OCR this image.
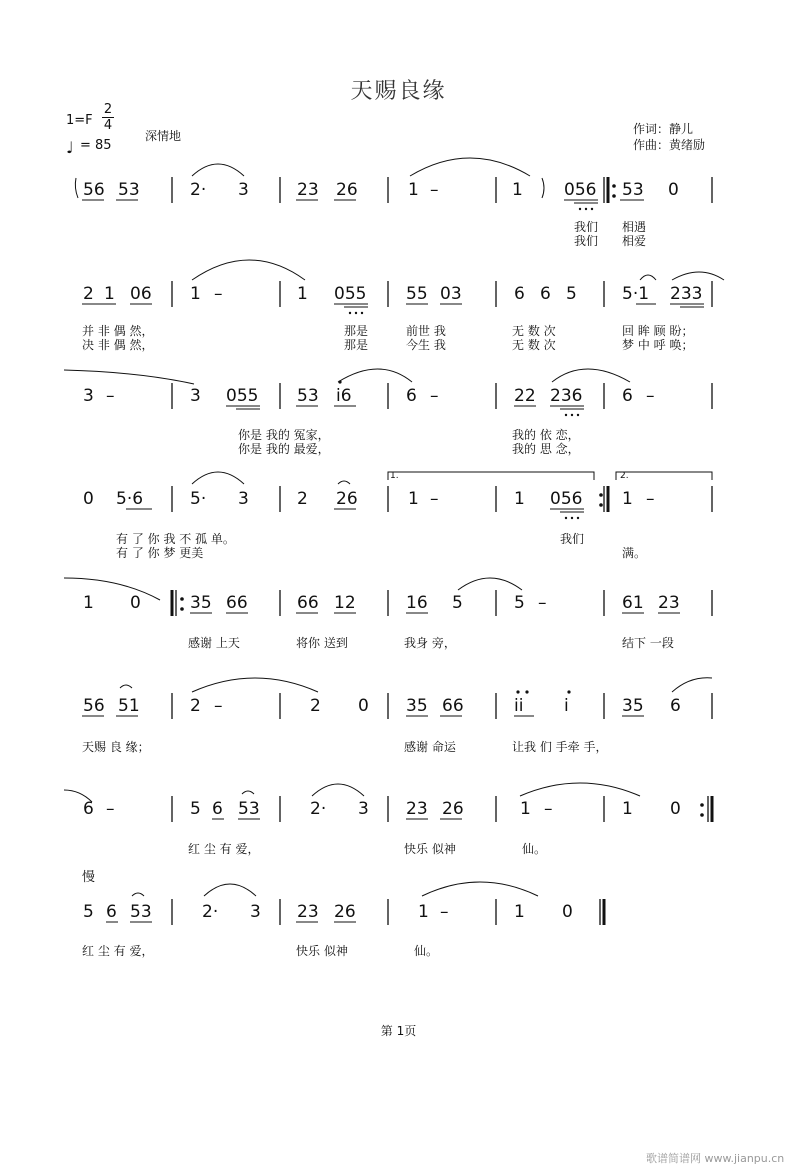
天赐良缘
$1=F \frac{2}{4}$
♩ = 85
深情地	作词：静儿
作曲：黄绪励
慢
56 53	2· 3	23 26	1 –	1 056 53 0
我们 相遇
我们 相爱
2 1 06 1 –	1 055 55 03	6 6 5	5·1 233
并 非 偶 然，	那是	前世 我	无 数 次	回 眸 顾 盼；
决 非 偶 然，	那是	今生 我	无 数 次	梦 中 呼 唤；
3 –	3 055 53 i6	6 –	22 236 6 –
你是 我的 冤家，	我的 依 恋，
你是 我的 最爱，	我的 思 念，
0 5·6	5· 3	2 26	1 –	1 056 1 –
有 了 你 我 不 孤 单。	我们
有 了 你 梦 更美	满。
1.	2.
1 0	35 66	66 12	16 5	5 –	61 23
感谢 上天	将你 送到	我身 旁，	结下 一段
56 51	2 –	2 0 35 66	ii i	35 6
天赐 良 缘；	感谢 命运	让我 们 手牵 手，
6 –	5 6 53	2· 3 23 26	1 –	1 0
红 尘 有 爱，	快乐 似神	仙。
5 6 53	2· 3 23 26	1 –	1 0
红 尘 有 爱，	快乐 似神	仙。
第 1页
歌谱简谱网 www.jianpu.cn
